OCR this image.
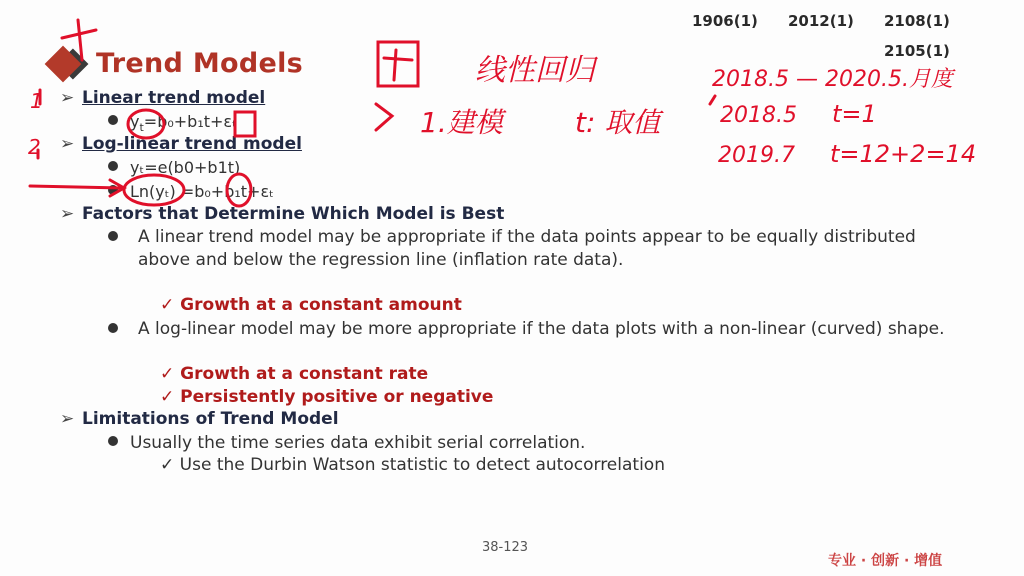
1906(1) 2012(1) 2108(1)
2105(1)
Trend Models
➢ Linear trend model
$y_t=b_0+b_1t+\varepsilon_t$
➢ Log-linear trend model
yₜ=e(b0+b1t)
Ln(yₜ) =b₀+b₁t+εₜ
➢ Factors that Determine Which Model is Best
A linear trend model may be appropriate if the data points appear to be equally distributed above and below the regression line (inflation rate data).
✓ Growth at a constant amount
A log-linear model may be more appropriate if the data plots with a non-linear (curved) shape.
✓ Growth at a constant rate
✓ Persistently positive or negative
➢ Limitations of Trend Model
Usually the time series data exhibit serial correlation.
✓ Use the Durbin Watson statistic to detect autocorrelation
38-123
专业 · 创新 · 增值
线性回归
1.建模	t: 取值
2018.5 — 2020.5.月度
2018.5 t=1
2019.7 t=12+2=14
1
2
